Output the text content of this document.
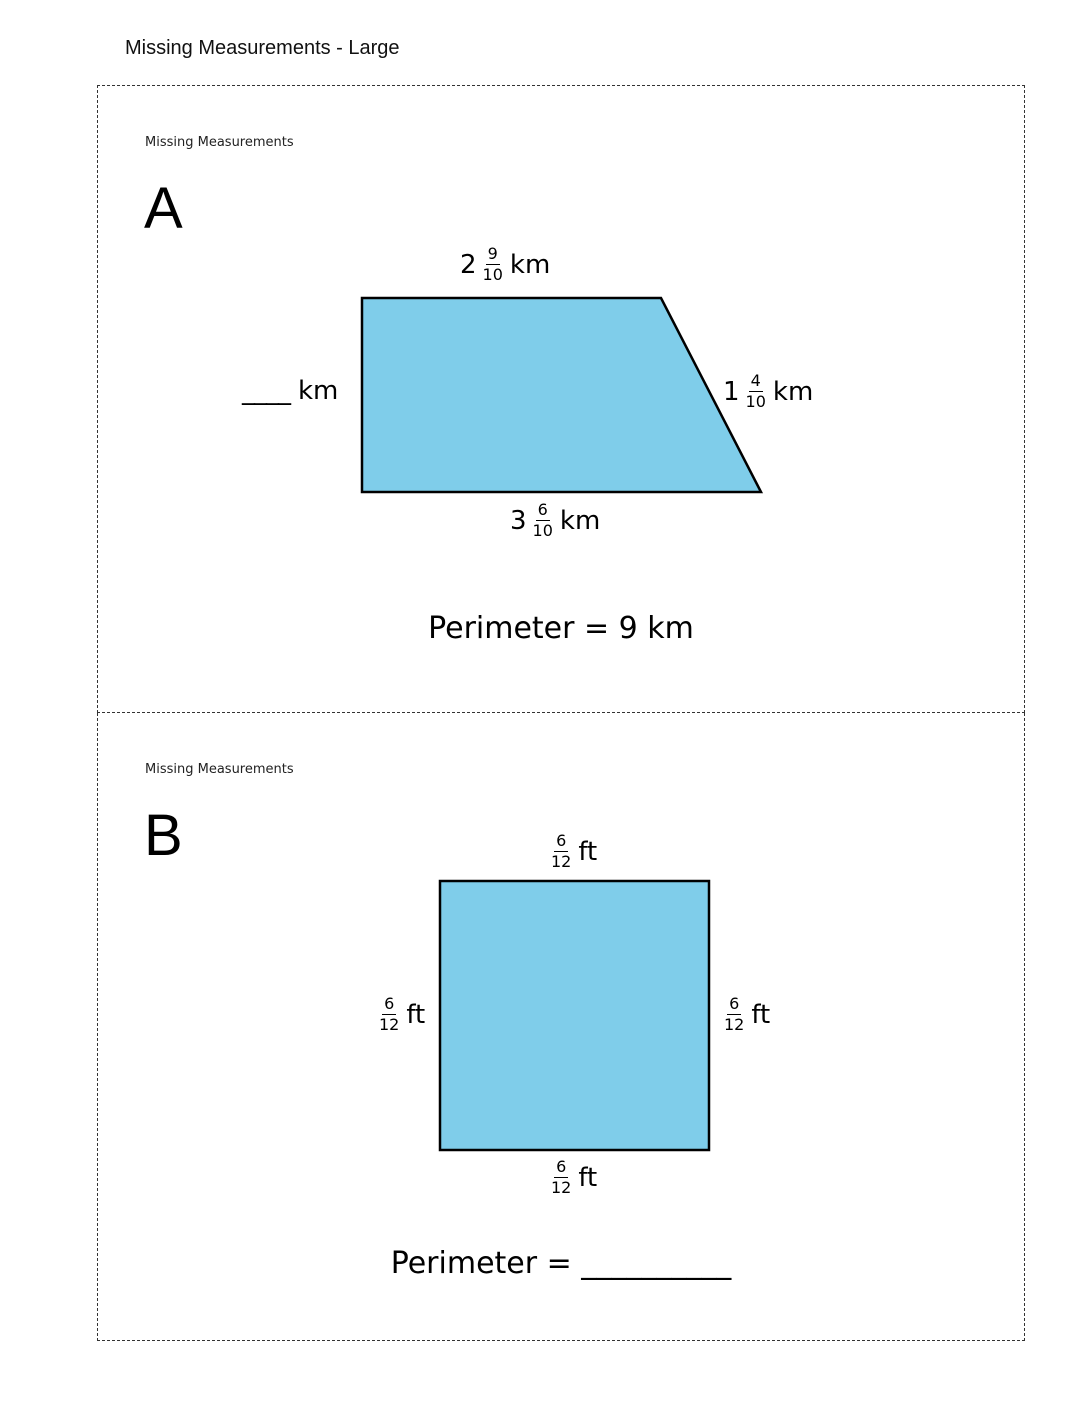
Missing Measurements - Large
Missing Measurements
A
$2 \frac{9}{10}$ km
____ km	$1 \frac{4}{10}$ km
$3 \frac{6}{10}$ km
Perimeter = 9 km
Missing Measurements
B	$\frac{6}{12}$ ft
$\frac{6}{12}$ ft	$\frac{6}{12}$ ft
$\frac{6}{12}$ ft
Perimeter = __________
